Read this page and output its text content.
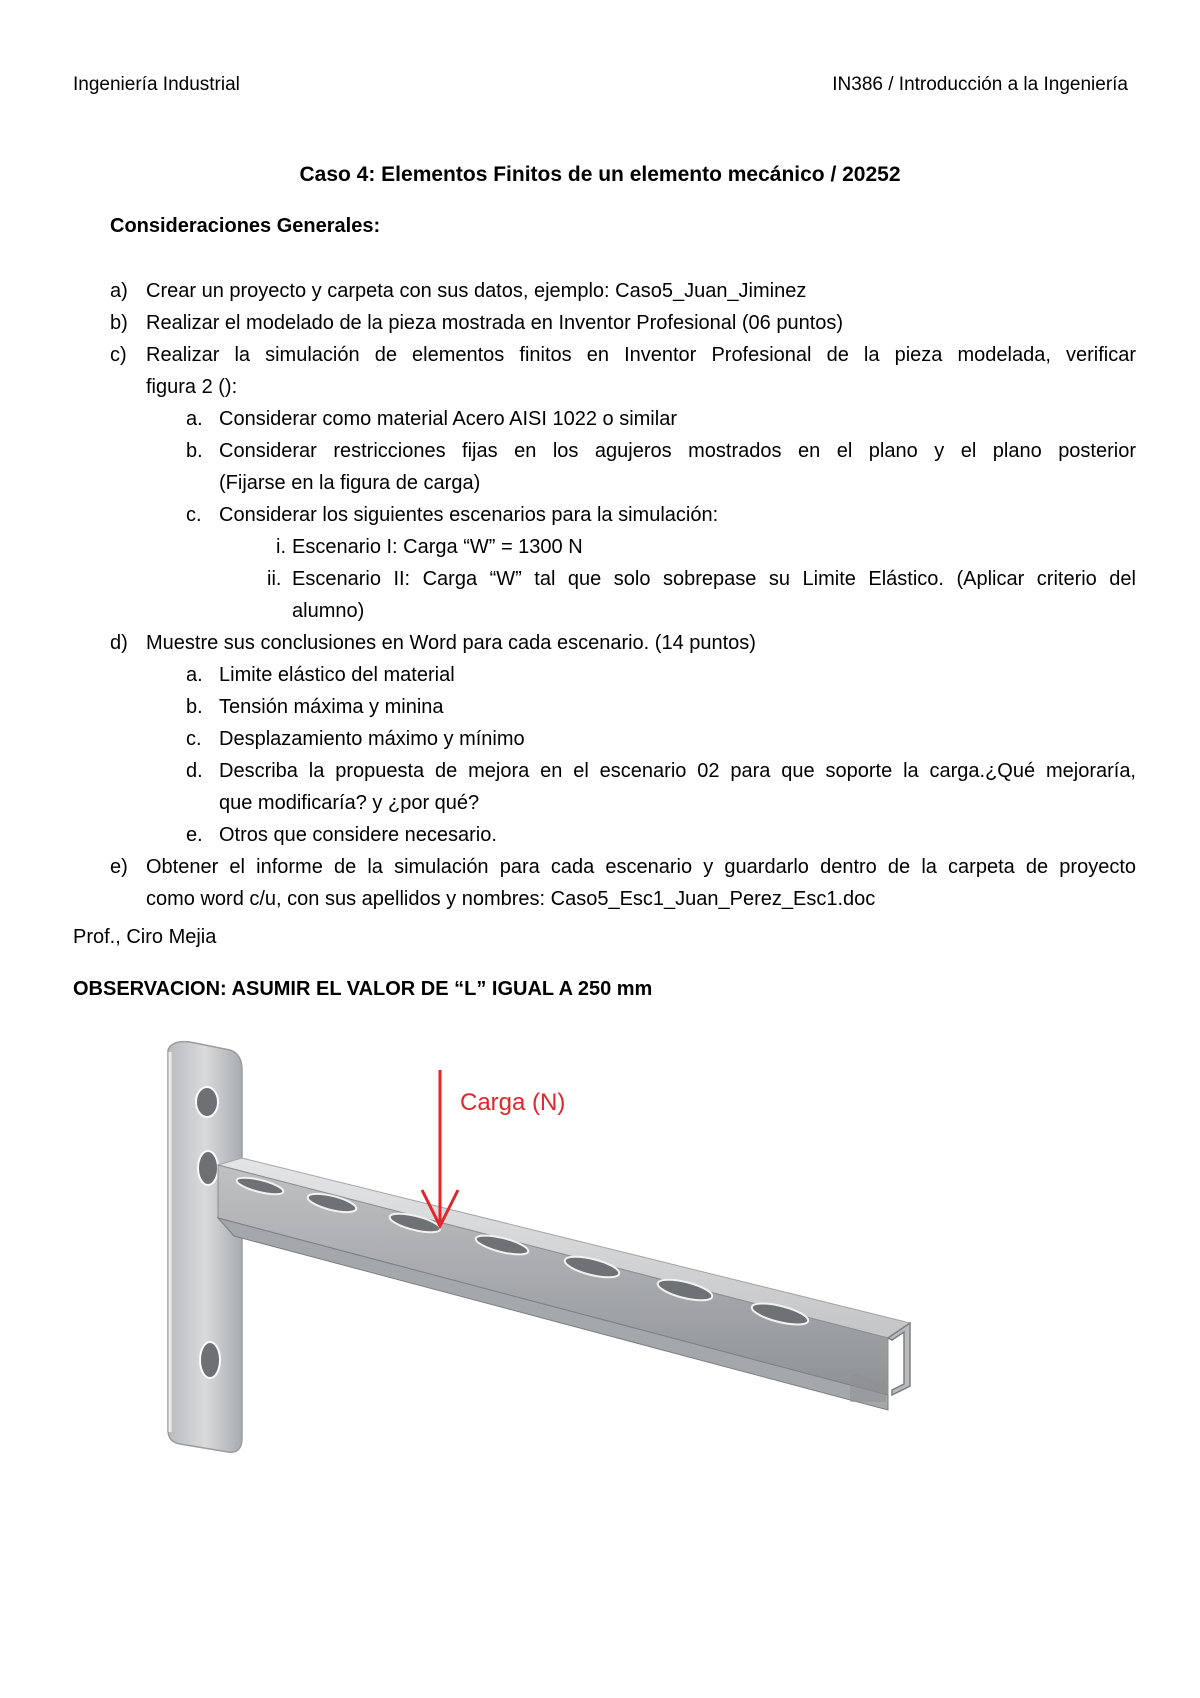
Ingeniería Industrial	IN386 / Introducción a la Ingeniería
Caso 4: Elementos Finitos de un elemento mecánico / 20252
Consideraciones Generales:
a) Crear un proyecto y carpeta con sus datos, ejemplo: Caso5_Juan_Jiminez
b) Realizar el modelado de la pieza mostrada en Inventor Profesional (06 puntos)
c) Realizar la simulación de elementos finitos en Inventor Profesional de la pieza modelada, verificar
figura 2 ():
a. Considerar como material Acero AISI 1022 o similar
b. Considerar restricciones fijas en los agujeros mostrados en el plano y el plano posterior
(Fijarse en la figura de carga)
c. Considerar los siguientes escenarios para la simulación:
i. Escenario I: Carga “W” = 1300 N
ii. Escenario II: Carga “W” tal que solo sobrepase su Limite Elástico. (Aplicar criterio del
alumno)
d) Muestre sus conclusiones en Word para cada escenario. (14 puntos)
a. Limite elástico del material
b. Tensión máxima y minina
c. Desplazamiento máximo y mínimo
d. Describa la propuesta de mejora en el escenario 02 para que soporte la carga.¿Qué mejoraría,
que modificaría? y ¿por qué?
e. Otros que considere necesario.
e) Obtener el informe de la simulación para cada escenario y guardarlo dentro de la carpeta de proyecto
como word c/u, con sus apellidos y nombres: Caso5_Esc1_Juan_Perez_Esc1.doc
Prof., Ciro Mejia
OBSERVACION: ASUMIR EL VALOR DE “L” IGUAL A 250 mm
Carga (N)
